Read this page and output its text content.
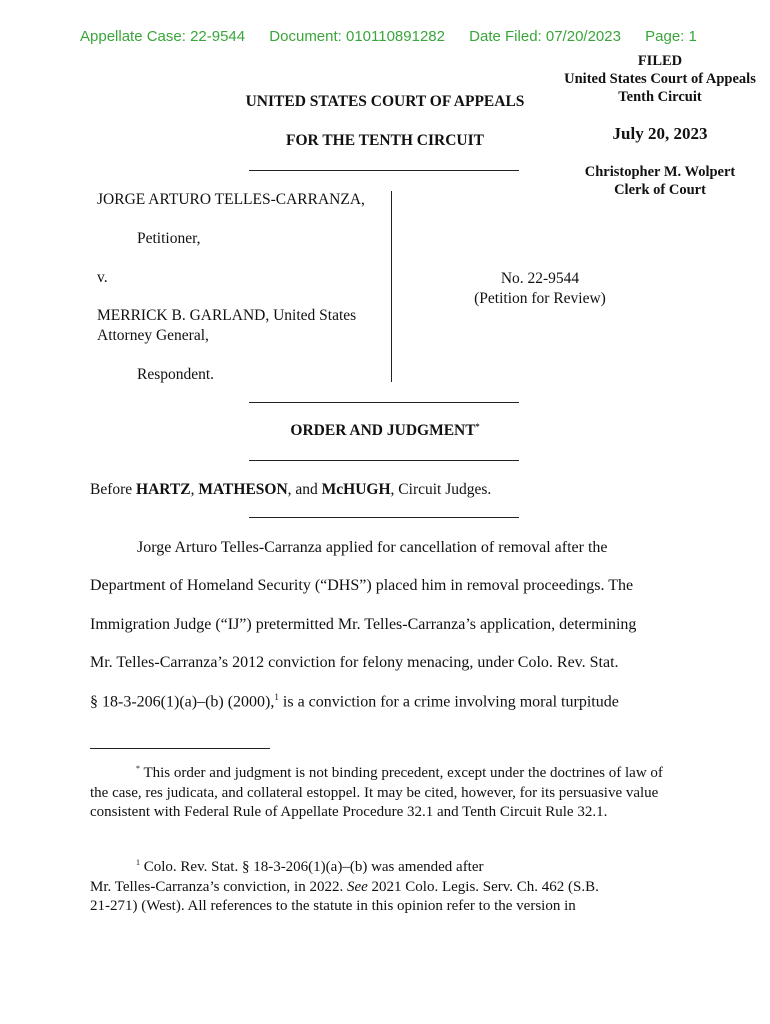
Appellate Case: 22-9544 Document: 010110891282 Date Filed: 07/20/2023 Page: 1
FILED
United States Court of Appeals
Tenth Circuit
July 20, 2023
Christopher M. Wolpert
Clerk of Court
UNITED STATES COURT OF APPEALS
FOR THE TENTH CIRCUIT
JORGE ARTURO TELLES-CARRANZA,
Petitioner,
v.
MERRICK B. GARLAND, United States
Attorney General,
Respondent.
No. 22-9544
(Petition for Review)
ORDER AND JUDGMENT*
Before HARTZ, MATHESON, and McHUGH, Circuit Judges.
Jorge Arturo Telles-Carranza applied for cancellation of removal after the
Department of Homeland Security (“DHS”) placed him in removal proceedings. The
Immigration Judge (“IJ”) pretermitted Mr. Telles-Carranza’s application, determining
Mr. Telles-Carranza’s 2012 conviction for felony menacing, under Colo. Rev. Stat.
§ 18-3-206(1)(a)–(b) (2000),$^1$ is a conviction for a crime involving moral turpitude
* This order and judgment is not binding precedent, except under the doctrines of law of the case, res judicata, and collateral estoppel. It may be cited, however, for its persuasive value consistent with Federal Rule of Appellate Procedure 32.1 and Tenth Circuit Rule 32.1.
$^1$ Colo. Rev. Stat. § 18-3-206(1)(a)–(b) was amended after
Mr. Telles-Carranza’s conviction, in 2022. See 2021 Colo. Legis. Serv. Ch. 462 (S.B.
21-271) (West). All references to the statute in this opinion refer to the version in
